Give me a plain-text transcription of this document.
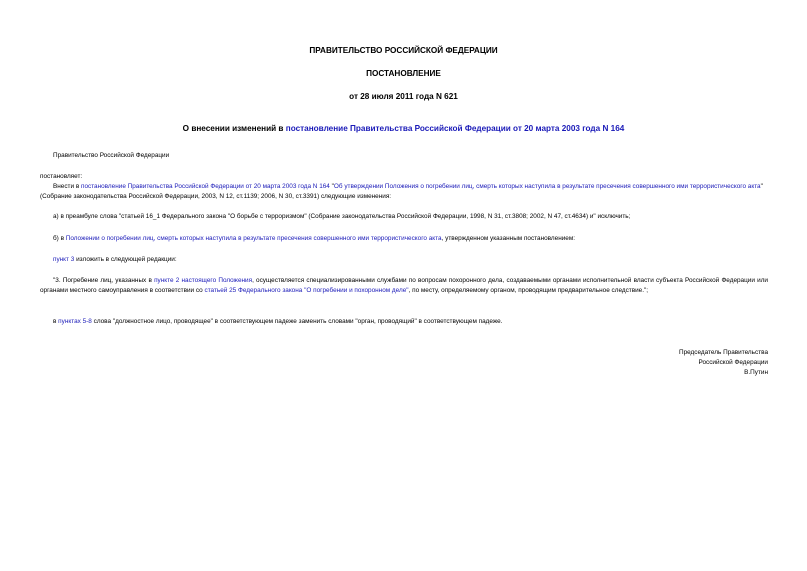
ПРАВИТЕЛЬСТВО РОССИЙСКОЙ ФЕДЕРАЦИИ
ПОСТАНОВЛЕНИЕ
от 28 июля 2011 года N 621
О внесении изменений в постановление Правительства Российской Федерации от 20 марта 2003 года N 164
Правительство Российской Федерации
постановляет:
Внести в постановление Правительства Российской Федерации от 20 марта 2003 года N 164 "Об утверждении Положения о погребении лиц, смерть которых наступила в результате пресечения совершенного ими террористического акта" (Собрание законодательства Российской Федерации, 2003, N 12, ст.1139; 2006, N 30, ст.3391) следующие изменения:
а) в преамбуле слова "статьей 16_1 Федерального закона "О борьбе с терроризмом" (Собрание законодательства Российской Федерации, 1998, N 31, ст.3808; 2002, N 47, ст.4634) и" исключить;
б) в Положении о погребении лиц, смерть которых наступила в результате пресечения совершенного ими террористического акта, утвержденном указанным постановлением:
пункт 3 изложить в следующей редакции:
"3. Погребение лиц, указанных в пункте 2 настоящего Положения, осуществляется специализированными службами по вопросам похоронного дела, создаваемыми органами исполнительной власти субъекта Российской Федерации или органами местного самоуправления в соответствии со статьей 25 Федерального закона "О погребении и похоронном деле", по месту, определяемому органом, проводящим предварительное следствие.";
в пунктах 5-8 слова "должностное лицо, проводящее" в соответствующем падеже заменить словами "орган, проводящий" в соответствующем падеже.
Председатель Правительства
Российской Федерации
В.Путин
